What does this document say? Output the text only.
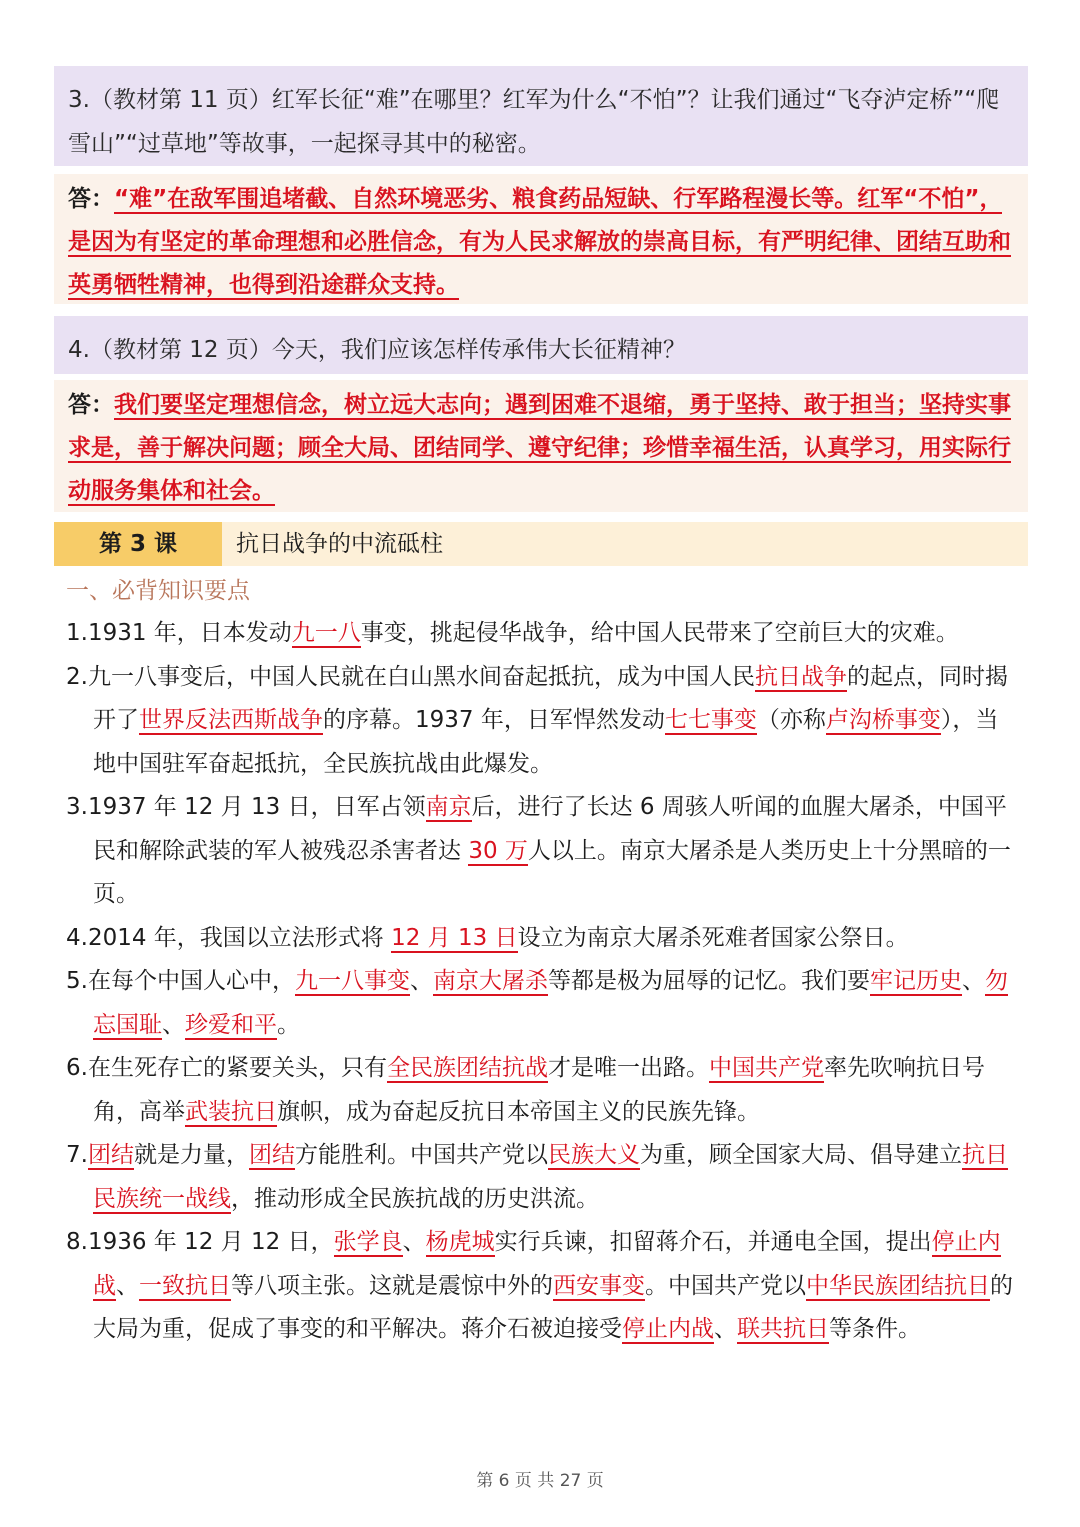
3.（教材第 11 页）红军长征“难”在哪里？红军为什么“不怕”？让我们通过“飞夺泸定桥”“爬雪山”“过草地”等故事，一起探寻其中的秘密。
答：“难”在敌军围追堵截、自然环境恶劣、粮食药品短缺、行军路程漫长等。红军“不怕”，是因为有坚定的革命理想和必胜信念，有为人民求解放的崇高目标，有严明纪律、团结互助和英勇牺牲精神，也得到沿途群众支持。
4.（教材第 12 页）今天，我们应该怎样传承伟大长征精神？
答：我们要坚定理想信念，树立远大志向；遇到困难不退缩，勇于坚持、敢于担当；坚持实事求是，善于解决问题；顾全大局、团结同学、遵守纪律；珍惜幸福生活，认真学习，用实际行动服务集体和社会。
第 3 课	抗日战争的中流砥柱
一、必背知识要点

1.1931 年，日本发动九一八事变，挑起侵华战争，给中国人民带来了空前巨大的灾难。

2.九一八事变后，中国人民就在白山黑水间奋起抵抗，成为中国人民抗日战争的起点，同时揭开了世界反法西斯战争的序幕。1937 年，日军悍然发动七七事变（亦称卢沟桥事变），当地中国驻军奋起抵抗，全民族抗战由此爆发。

3.1937 年 12 月 13 日，日军占领南京后，进行了长达 6 周骇人听闻的血腥大屠杀，中国平民和解除武装的军人被残忍杀害者达 30 万人以上。南京大屠杀是人类历史上十分黑暗的一页。

4.2014 年，我国以立法形式将 12 月 13 日设立为南京大屠杀死难者国家公祭日。

5.在每个中国人心中，九一八事变、南京大屠杀等都是极为屈辱的记忆。我们要牢记历史、勿忘国耻、珍爱和平。

6.在生死存亡的紧要关头，只有全民族团结抗战才是唯一出路。中国共产党率先吹响抗日号角，高举武装抗日旗帜，成为奋起反抗日本帝国主义的民族先锋。

7.团结就是力量，团结方能胜利。中国共产党以民族大义为重，顾全国家大局、倡导建立抗日民族统一战线，推动形成全民族抗战的历史洪流。

8.1936 年 12 月 12 日，张学良、杨虎城实行兵谏，扣留蒋介石，并通电全国，提出停止内战、一致抗日等八项主张。这就是震惊中外的西安事变。中国共产党以中华民族团结抗日的大局为重，促成了事变的和平解决。蒋介石被迫接受停止内战、联共抗日等条件。

第 6 页 共 27 页
